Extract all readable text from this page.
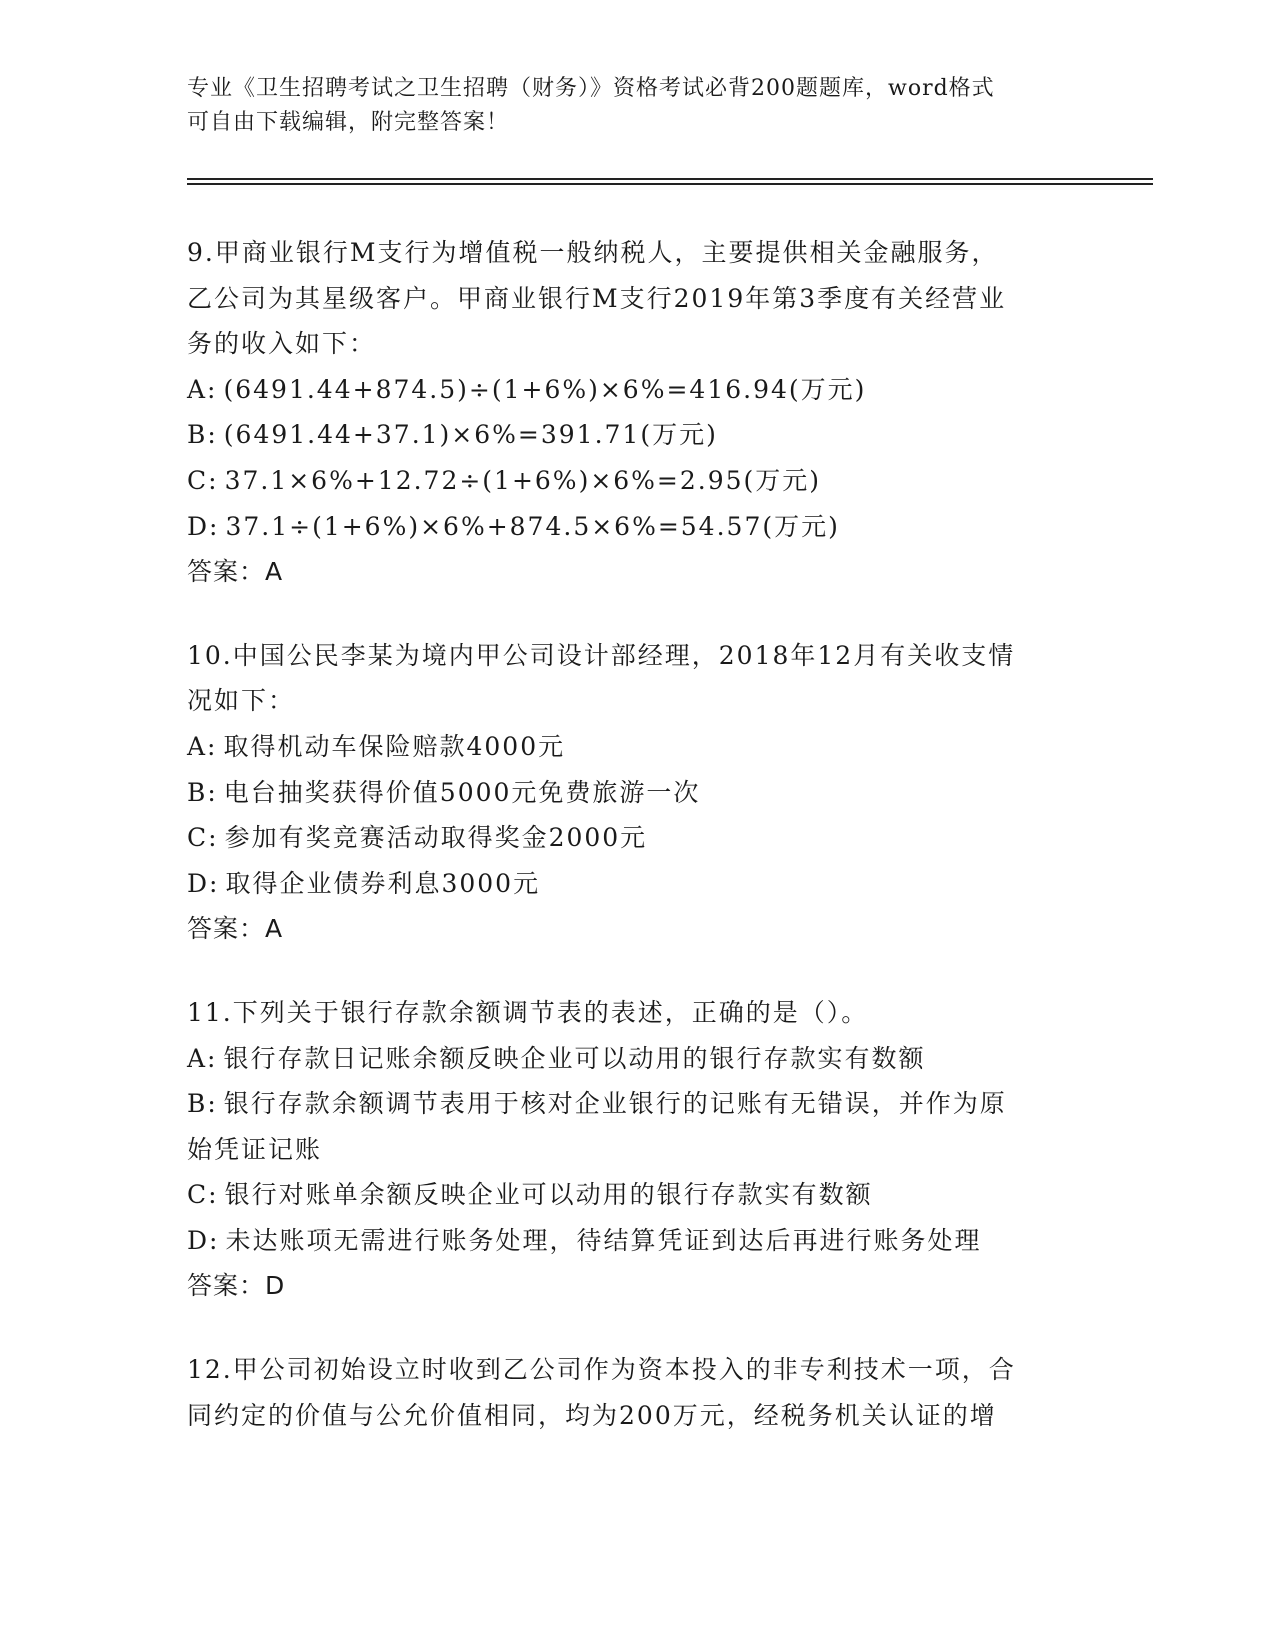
专业《卫生招聘考试之卫生招聘（财务）》资格考试必背200题题库，word格式
可自由下载编辑，附完整答案！
9.甲商业银行M支行为增值税一般纳税人，主要提供相关金融服务，
乙公司为其星级客户。甲商业银行M支行2019年第3季度有关经营业
务的收入如下：
A: (6491.44+874.5)÷(1+6%)×6%=416.94(万元)
B: (6491.44+37.1)×6%=391.71(万元)
C: 37.1×6%+12.72÷(1+6%)×6%=2.95(万元)
D: 37.1÷(1+6%)×6%+874.5×6%=54.57(万元)
答案：A
10.中国公民李某为境内甲公司设计部经理，2018年12月有关收支情
况如下：
A: 取得机动车保险赔款4000元
B: 电台抽奖获得价值5000元免费旅游一次
C: 参加有奖竞赛活动取得奖金2000元
D: 取得企业债券利息3000元
答案：A
11.下列关于银行存款余额调节表的表述，正确的是（）。
A: 银行存款日记账余额反映企业可以动用的银行存款实有数额
B: 银行存款余额调节表用于核对企业银行的记账有无错误，并作为原
始凭证记账
C: 银行对账单余额反映企业可以动用的银行存款实有数额
D: 未达账项无需进行账务处理，待结算凭证到达后再进行账务处理
答案：D
12.甲公司初始设立时收到乙公司作为资本投入的非专利技术一项，合
同约定的价值与公允价值相同，均为200万元，经税务机关认证的增
